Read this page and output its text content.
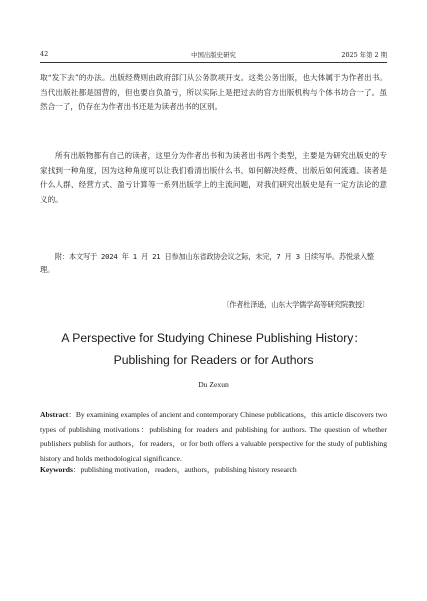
42	中国出版史研究	2025 年第 2 期
取“发下去”的办法。出版经费则由政府部门从公务款项开支。这类公务出版，也大体属于为作者出书。当代出版社都是国营的，但也要自负盈亏，所以实际上是把过去的官方出版机构与个体书坊合一了。虽然合一了，仍存在为作者出书还是为读者出书的区别。
所有出版物都有自己的读者，这里分为作者出书和为读者出书两个类型，主要是为研究出版史的专家找到一种角度，因为这种角度可以让我们看清出版什么书、如何解决经费、出版后如何流通、读者是什么人群、经营方式、盈亏计算等一系列出版学上的主流问题，对我们研究出版史是有一定方法论的意义的。
附：本文写于 2024 年 1 月 21 日参加山东省政协会议之际，未完，7 月 3 日续写毕。苏悦录入整理。
〔作者杜泽逊，山东大学儒学高等研究院教授〕
A Perspective for Studying Chinese Publishing History：
Publishing for Readers or for Authors
Du Zexun
Abstract：By examining examples of ancient and contemporary Chinese publications，this article discovers two types of publishing motivations：publishing for readers and publishing for authors. The question of whether publishers publish for authors，for readers，or for both offers a valuable perspective for the study of publishing history and holds methodological significance.
Keywords：publishing motivation，readers，authors，publishing history research
